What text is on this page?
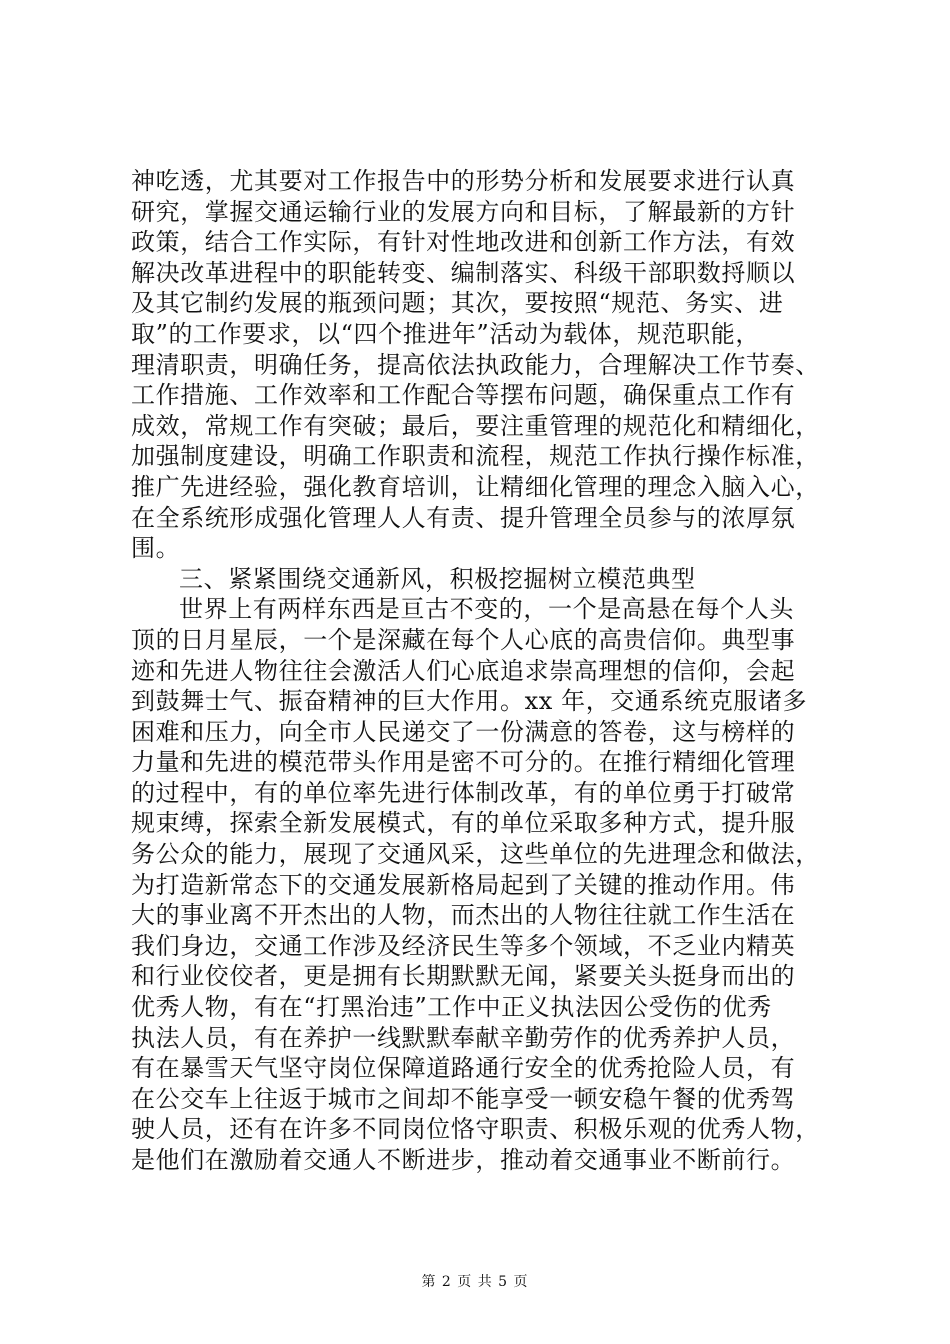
神吃透，尤其要对工作报告中的形势分析和发展要求进行认真
研究，掌握交通运输行业的发展方向和目标，了解最新的方针
政策，结合工作实际，有针对性地改进和创新工作方法，有效
解决改革进程中的职能转变、编制落实、科级干部职数捋顺以
及其它制约发展的瓶颈问题；其次，要按照“规范、务实、进
取”的工作要求，以“四个推进年”活动为载体，规范职能，
理清职责，明确任务，提高依法执政能力，合理解决工作节奏、
工作措施、工作效率和工作配合等摆布问题，确保重点工作有
成效，常规工作有突破；最后，要注重管理的规范化和精细化，
加强制度建设，明确工作职责和流程，规范工作执行操作标准，
推广先进经验，强化教育培训，让精细化管理的理念入脑入心，
在全系统形成强化管理人人有责、提升管理全员参与的浓厚氛
围。
三、紧紧围绕交通新风，积极挖掘树立模范典型
世界上有两样东西是亘古不变的，一个是高悬在每个人头
顶的日月星辰，一个是深藏在每个人心底的高贵信仰。典型事
迹和先进人物往往会激活人们心底追求崇高理想的信仰，会起
到鼓舞士气、振奋精神的巨大作用。xx 年，交通系统克服诸多
困难和压力，向全市人民递交了一份满意的答卷，这与榜样的
力量和先进的模范带头作用是密不可分的。在推行精细化管理
的过程中，有的单位率先进行体制改革，有的单位勇于打破常
规束缚，探索全新发展模式，有的单位采取多种方式，提升服
务公众的能力，展现了交通风采，这些单位的先进理念和做法，
为打造新常态下的交通发展新格局起到了关键的推动作用。伟
大的事业离不开杰出的人物，而杰出的人物往往就工作生活在
我们身边，交通工作涉及经济民生等多个领域，不乏业内精英
和行业佼佼者，更是拥有长期默默无闻，紧要关头挺身而出的
优秀人物，有在“打黑治违”工作中正义执法因公受伤的优秀
执法人员，有在养护一线默默奉献辛勤劳作的优秀养护人员，
有在暴雪天气坚守岗位保障道路通行安全的优秀抢险人员，有
在公交车上往返于城市之间却不能享受一顿安稳午餐的优秀驾
驶人员，还有在许多不同岗位恪守职责、积极乐观的优秀人物，
是他们在激励着交通人不断进步，推动着交通事业不断前行。
第 2 页 共 5 页
